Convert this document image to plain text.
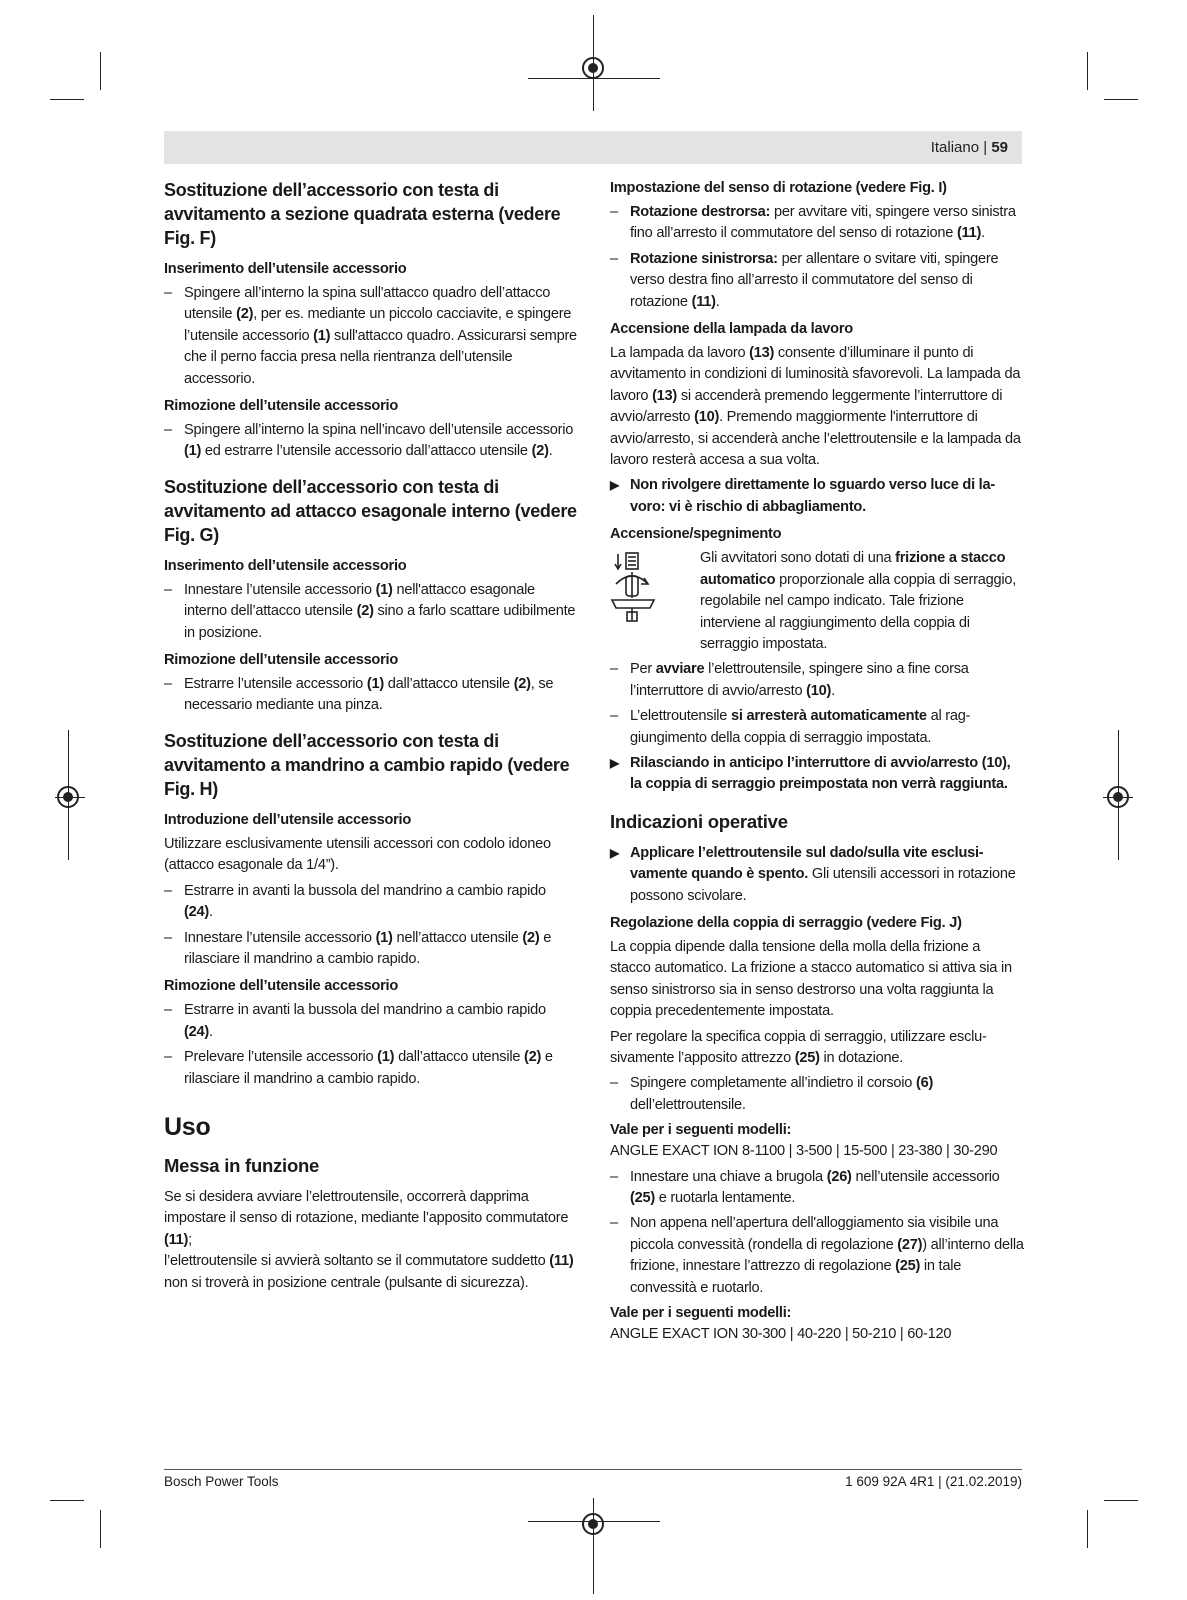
Italiano | 59
Sostituzione dell’accessorio con testa di avvitamento a sezione quadrata esterna (vedere Fig. F)
Inserimento dell’utensile accessorio
– Spingere all’interno la spina sull'attacco quadro dell’attacco utensile (2), per es. mediante un piccolo cacciavite, e spingere l’utensile accessorio (1) sull'attacco quadro. Assicurarsi sempre che il perno faccia presa nella rientranza dell’utensile accessorio.
Rimozione dell’utensile accessorio
– Spingere all’interno la spina nell’incavo dell’utensile accessorio (1) ed estrarre l’utensile accessorio dall’attacco utensile (2).
Sostituzione dell’accessorio con testa di avvitamento ad attacco esagonale interno (vedere Fig. G)
Inserimento dell’utensile accessorio
– Innestare l’utensile accessorio (1) nell'attacco esagonale interno dell’attacco utensile (2) sino a farlo scattare udibilmente in posizione.
Rimozione dell’utensile accessorio
– Estrarre l’utensile accessorio (1) dall’attacco utensile (2), se necessario mediante una pinza.
Sostituzione dell’accessorio con testa di avvitamento a mandrino a cambio rapido (vedere Fig. H)
Introduzione dell’utensile accessorio
Utilizzare esclusivamente utensili accessori con codolo idoneo (attacco esagonale da 1/4”).
– Estrarre in avanti la bussola del mandrino a cambio rapido (24).
– Innestare l’utensile accessorio (1) nell’attacco utensile (2) e rilasciare il mandrino a cambio rapido.
Rimozione dell’utensile accessorio
– Estrarre in avanti la bussola del mandrino a cambio rapido (24).
– Prelevare l’utensile accessorio (1) dall’attacco utensile (2) e rilasciare il mandrino a cambio rapido.
Uso
Messa in funzione
Se si desidera avviare l’elettroutensile, occorrerà dapprima impostare il senso di rotazione, mediante l’apposito commutatore (11);
l’elettroutensile si avvierà soltanto se il commutatore suddetto (11) non si troverà in posizione centrale (pulsante di sicurezza).
Impostazione del senso di rotazione (vedere Fig. I)
– Rotazione destrorsa: per avvitare viti, spingere verso sinistra fino all’arresto il commutatore del senso di rotazione (11).
– Rotazione sinistrorsa: per allentare o svitare viti, spingere verso destra fino all’arresto il commutatore del senso di rotazione (11).
Accensione della lampada da lavoro
La lampada da lavoro (13) consente d’illuminare il punto di avvitamento in condizioni di luminosità sfavorevoli. La lampada da lavoro (13) si accenderà premendo leggermente l’interruttore di avvio/arresto (10). Premendo maggiormente l'interruttore di avvio/arresto, si accenderà anche l’elettroutensile e la lampada da lavoro resterà accesa a sua volta.
▶ Non rivolgere direttamente lo sguardo verso luce di lavoro: vi è rischio di abbagliamento.
Accensione/spegnimento
Gli avvitatori sono dotati di una frizione a stacco automatico proporzionale alla coppia di serraggio, regolabile nel campo indicato. Tale frizione interviene al raggiungimento della coppia di serraggio impostata.
– Per avviare l’elettroutensile, spingere sino a fine corsa l’interruttore di avvio/arresto (10).
– L’elettroutensile si arresterà automaticamente al raggiungimento della coppia di serraggio impostata.
▶ Rilasciando in anticipo l’interruttore di avvio/arresto (10), la coppia di serraggio preimpostata non verrà raggiunta.
Indicazioni operative
▶ Applicare l’elettroutensile sul dado/sulla vite esclusivamente quando è spento. Gli utensili accessori in rotazione possono scivolare.
Regolazione della coppia di serraggio (vedere Fig. J)
La coppia dipende dalla tensione della molla della frizione a stacco automatico. La frizione a stacco automatico si attiva sia in senso sinistrorso sia in senso destrorso una volta raggiunta la coppia precedentemente impostata.
Per regolare la specifica coppia di serraggio, utilizzare esclusivamente l’apposito attrezzo (25) in dotazione.
– Spingere completamente all’indietro il corsoio (6) dell’elettroutensile.
Vale per i seguenti modelli:
ANGLE EXACT ION 8-1100 | 3-500 | 15-500 | 23-380 | 30-290
– Innestare una chiave a brugola (26) nell’utensile accessorio (25) e ruotarla lentamente.
– Non appena nell’apertura dell'alloggiamento sia visibile una piccola convessità (rondella di regolazione (27)) all’interno della frizione, innestare l’attrezzo di regolazione (25) in tale convessità e ruotarlo.
Vale per i seguenti modelli:
ANGLE EXACT ION 30-300 | 40-220 | 50-210 | 60-120
Bosch Power Tools	1 609 92A 4R1 | (21.02.2019)
